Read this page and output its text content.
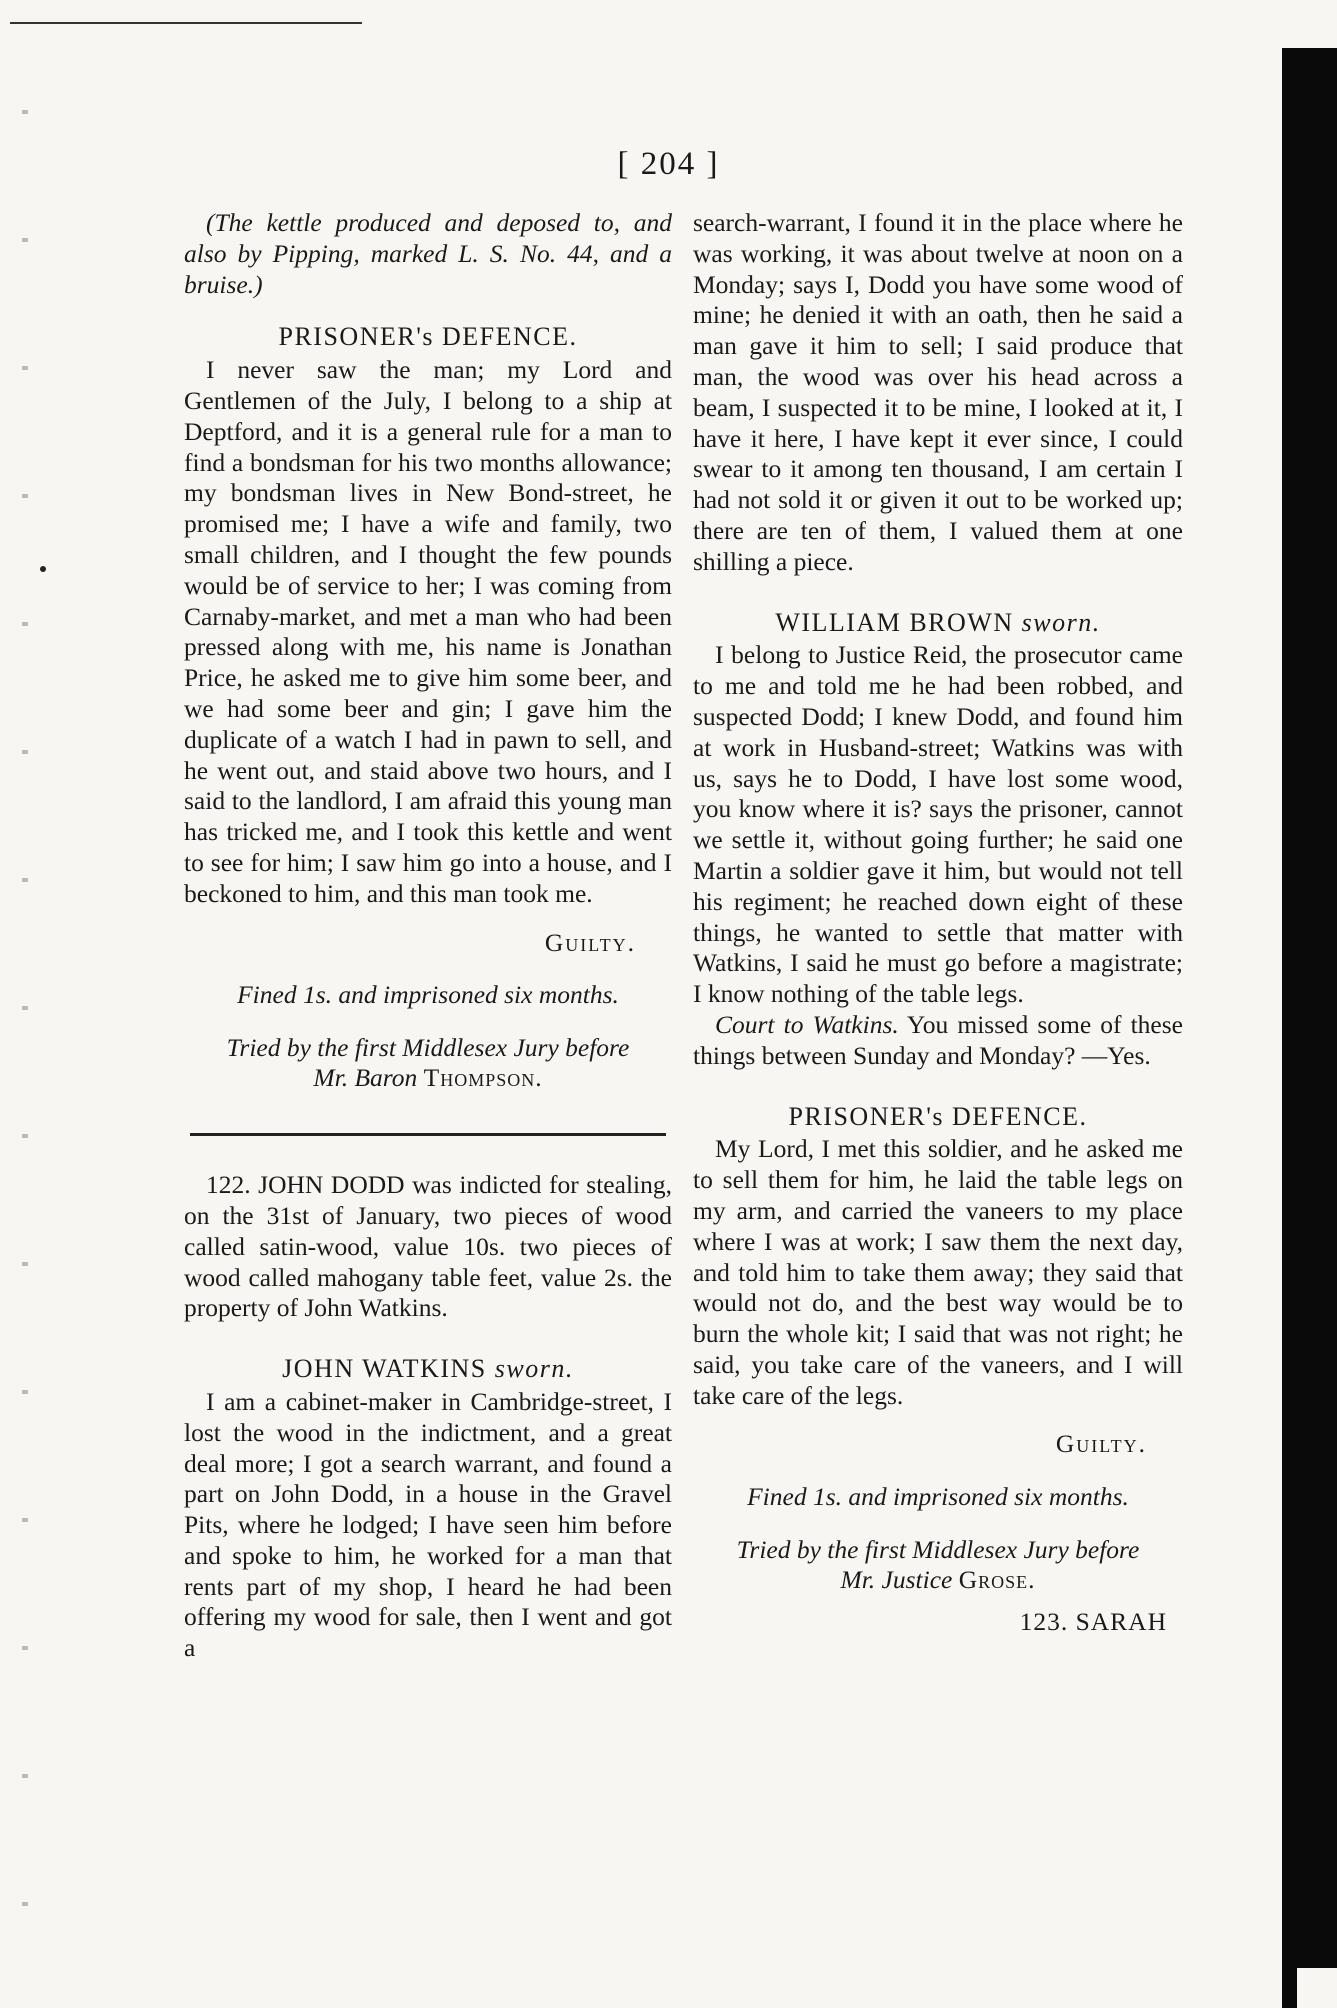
[ 204 ]

(The kettle produced and deposed to, and also by Pipping, marked L. S. No. 44, and a bruise.)

PRISONER's DEFENCE.

I never saw the man; my Lord and Gentlemen of the July, I belong to a ship at Deptford, and it is a general rule for a man to find a bondsman for his two months allowance; my bondsman lives in New Bond-street, he promised me; I have a wife and family, two small children, and I thought the few pounds would be of service to her; I was coming from Carnaby-market, and met a man who had been pressed along with me, his name is Jonathan Price, he asked me to give him some beer, and we had some beer and gin; I gave him the duplicate of a watch I had in pawn to sell, and he went out, and staid above two hours, and I said to the landlord, I am afraid this young man has tricked me, and I took this kettle and went to see for him; I saw him go into a house, and I beckoned to him, and this man took me.

Guilty.
Fined 1s. and imprisoned six months.
Tried by the first Middlesex Jury before
Mr. Baron Thompson.

122. JOHN DODD was indicted for stealing, on the 31st of January, two pieces of wood called satin-wood, value 10s. two pieces of wood called mahogany table feet, value 2s. the property of John Watkins.

JOHN WATKINS sworn.

I am a cabinet-maker in Cambridge-street, I lost the wood in the indictment, and a great deal more; I got a search warrant, and found a part on John Dodd, in a house in the Gravel Pits, where he lodged; I have seen him before and spoke to him, he worked for a man that rents part of my shop, I heard he had been offering my wood for sale, then I went and got a

search-warrant, I found it in the place where he was working, it was about twelve at noon on a Monday; says I, Dodd you have some wood of mine; he denied it with an oath, then he said a man gave it him to sell; I said produce that man, the wood was over his head across a beam, I suspected it to be mine, I looked at it, I have it here, I have kept it ever since, I could swear to it among ten thousand, I am certain I had not sold it or given it out to be worked up; there are ten of them, I valued them at one shilling a piece.

WILLIAM BROWN sworn.

I belong to Justice Reid, the prosecutor came to me and told me he had been robbed, and suspected Dodd; I knew Dodd, and found him at work in Husband-street; Watkins was with us, says he to Dodd, I have lost some wood, you know where it is? says the prisoner, cannot we settle it, without going further; he said one Martin a soldier gave it him, but would not tell his regiment; he reached down eight of these things, he wanted to settle that matter with Watkins, I said he must go before a magistrate; I know nothing of the table legs.

Court to Watkins. You missed some of these things between Sunday and Monday? —Yes.

PRISONER's DEFENCE.

My Lord, I met this soldier, and he asked me to sell them for him, he laid the table legs on my arm, and carried the vaneers to my place where I was at work; I saw them the next day, and told him to take them away; they said that would not do, and the best way would be to burn the whole kit; I said that was not right; he said, you take care of the vaneers, and I will take care of the legs.

Guilty.
Fined 1s. and imprisoned six months.
Tried by the first Middlesex Jury before
Mr. Justice Grose.
123. SARAH
